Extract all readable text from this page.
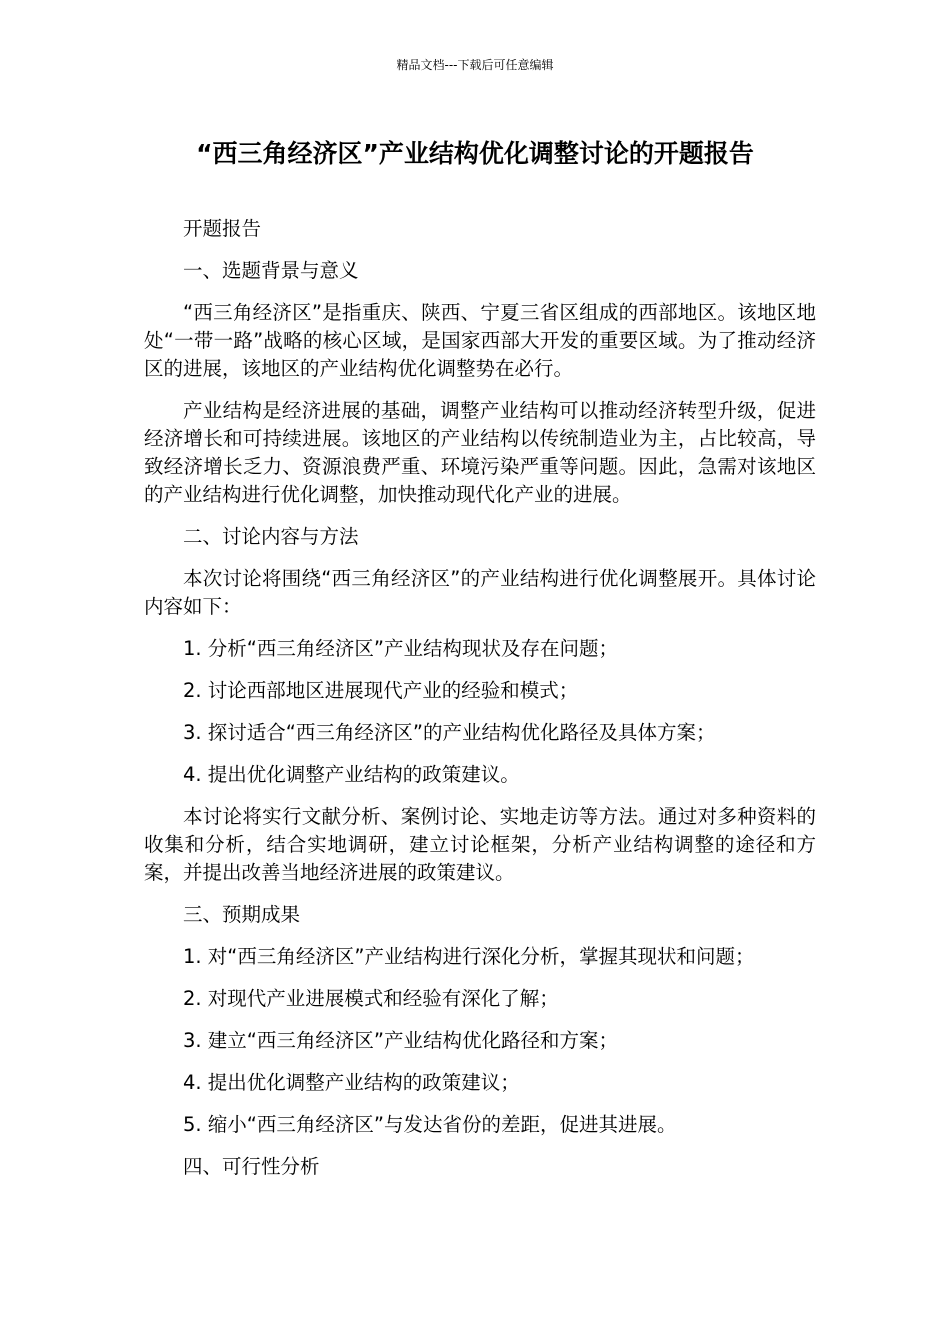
精品文档---下载后可任意编辑
“西三角经济区”产业结构优化调整讨论的开题报告

开题报告

一、选题背景与意义

“西三角经济区”是指重庆、陕西、宁夏三省区组成的西部地区。该地区地处“一带一路”战略的核心区域，是国家西部大开发的重要区域。为了推动经济区的进展，该地区的产业结构优化调整势在必行。

产业结构是经济进展的基础，调整产业结构可以推动经济转型升级，促进经济增长和可持续进展。该地区的产业结构以传统制造业为主，占比较高，导致经济增长乏力、资源浪费严重、环境污染严重等问题。因此，急需对该地区的产业结构进行优化调整，加快推动现代化产业的进展。

二、讨论内容与方法

本次讨论将围绕“西三角经济区”的产业结构进行优化调整展开。具体讨论内容如下：

1. 分析“西三角经济区”产业结构现状及存在问题；

2. 讨论西部地区进展现代产业的经验和模式；

3. 探讨适合“西三角经济区”的产业结构优化路径及具体方案；

4. 提出优化调整产业结构的政策建议。

本讨论将实行文献分析、案例讨论、实地走访等方法。通过对多种资料的收集和分析，结合实地调研，建立讨论框架，分析产业结构调整的途径和方案，并提出改善当地经济进展的政策建议。

三、预期成果

1. 对“西三角经济区”产业结构进行深化分析，掌握其现状和问题；

2. 对现代产业进展模式和经验有深化了解；

3. 建立“西三角经济区”产业结构优化路径和方案；

4. 提出优化调整产业结构的政策建议；

5. 缩小“西三角经济区”与发达省份的差距，促进其进展。

四、可行性分析
